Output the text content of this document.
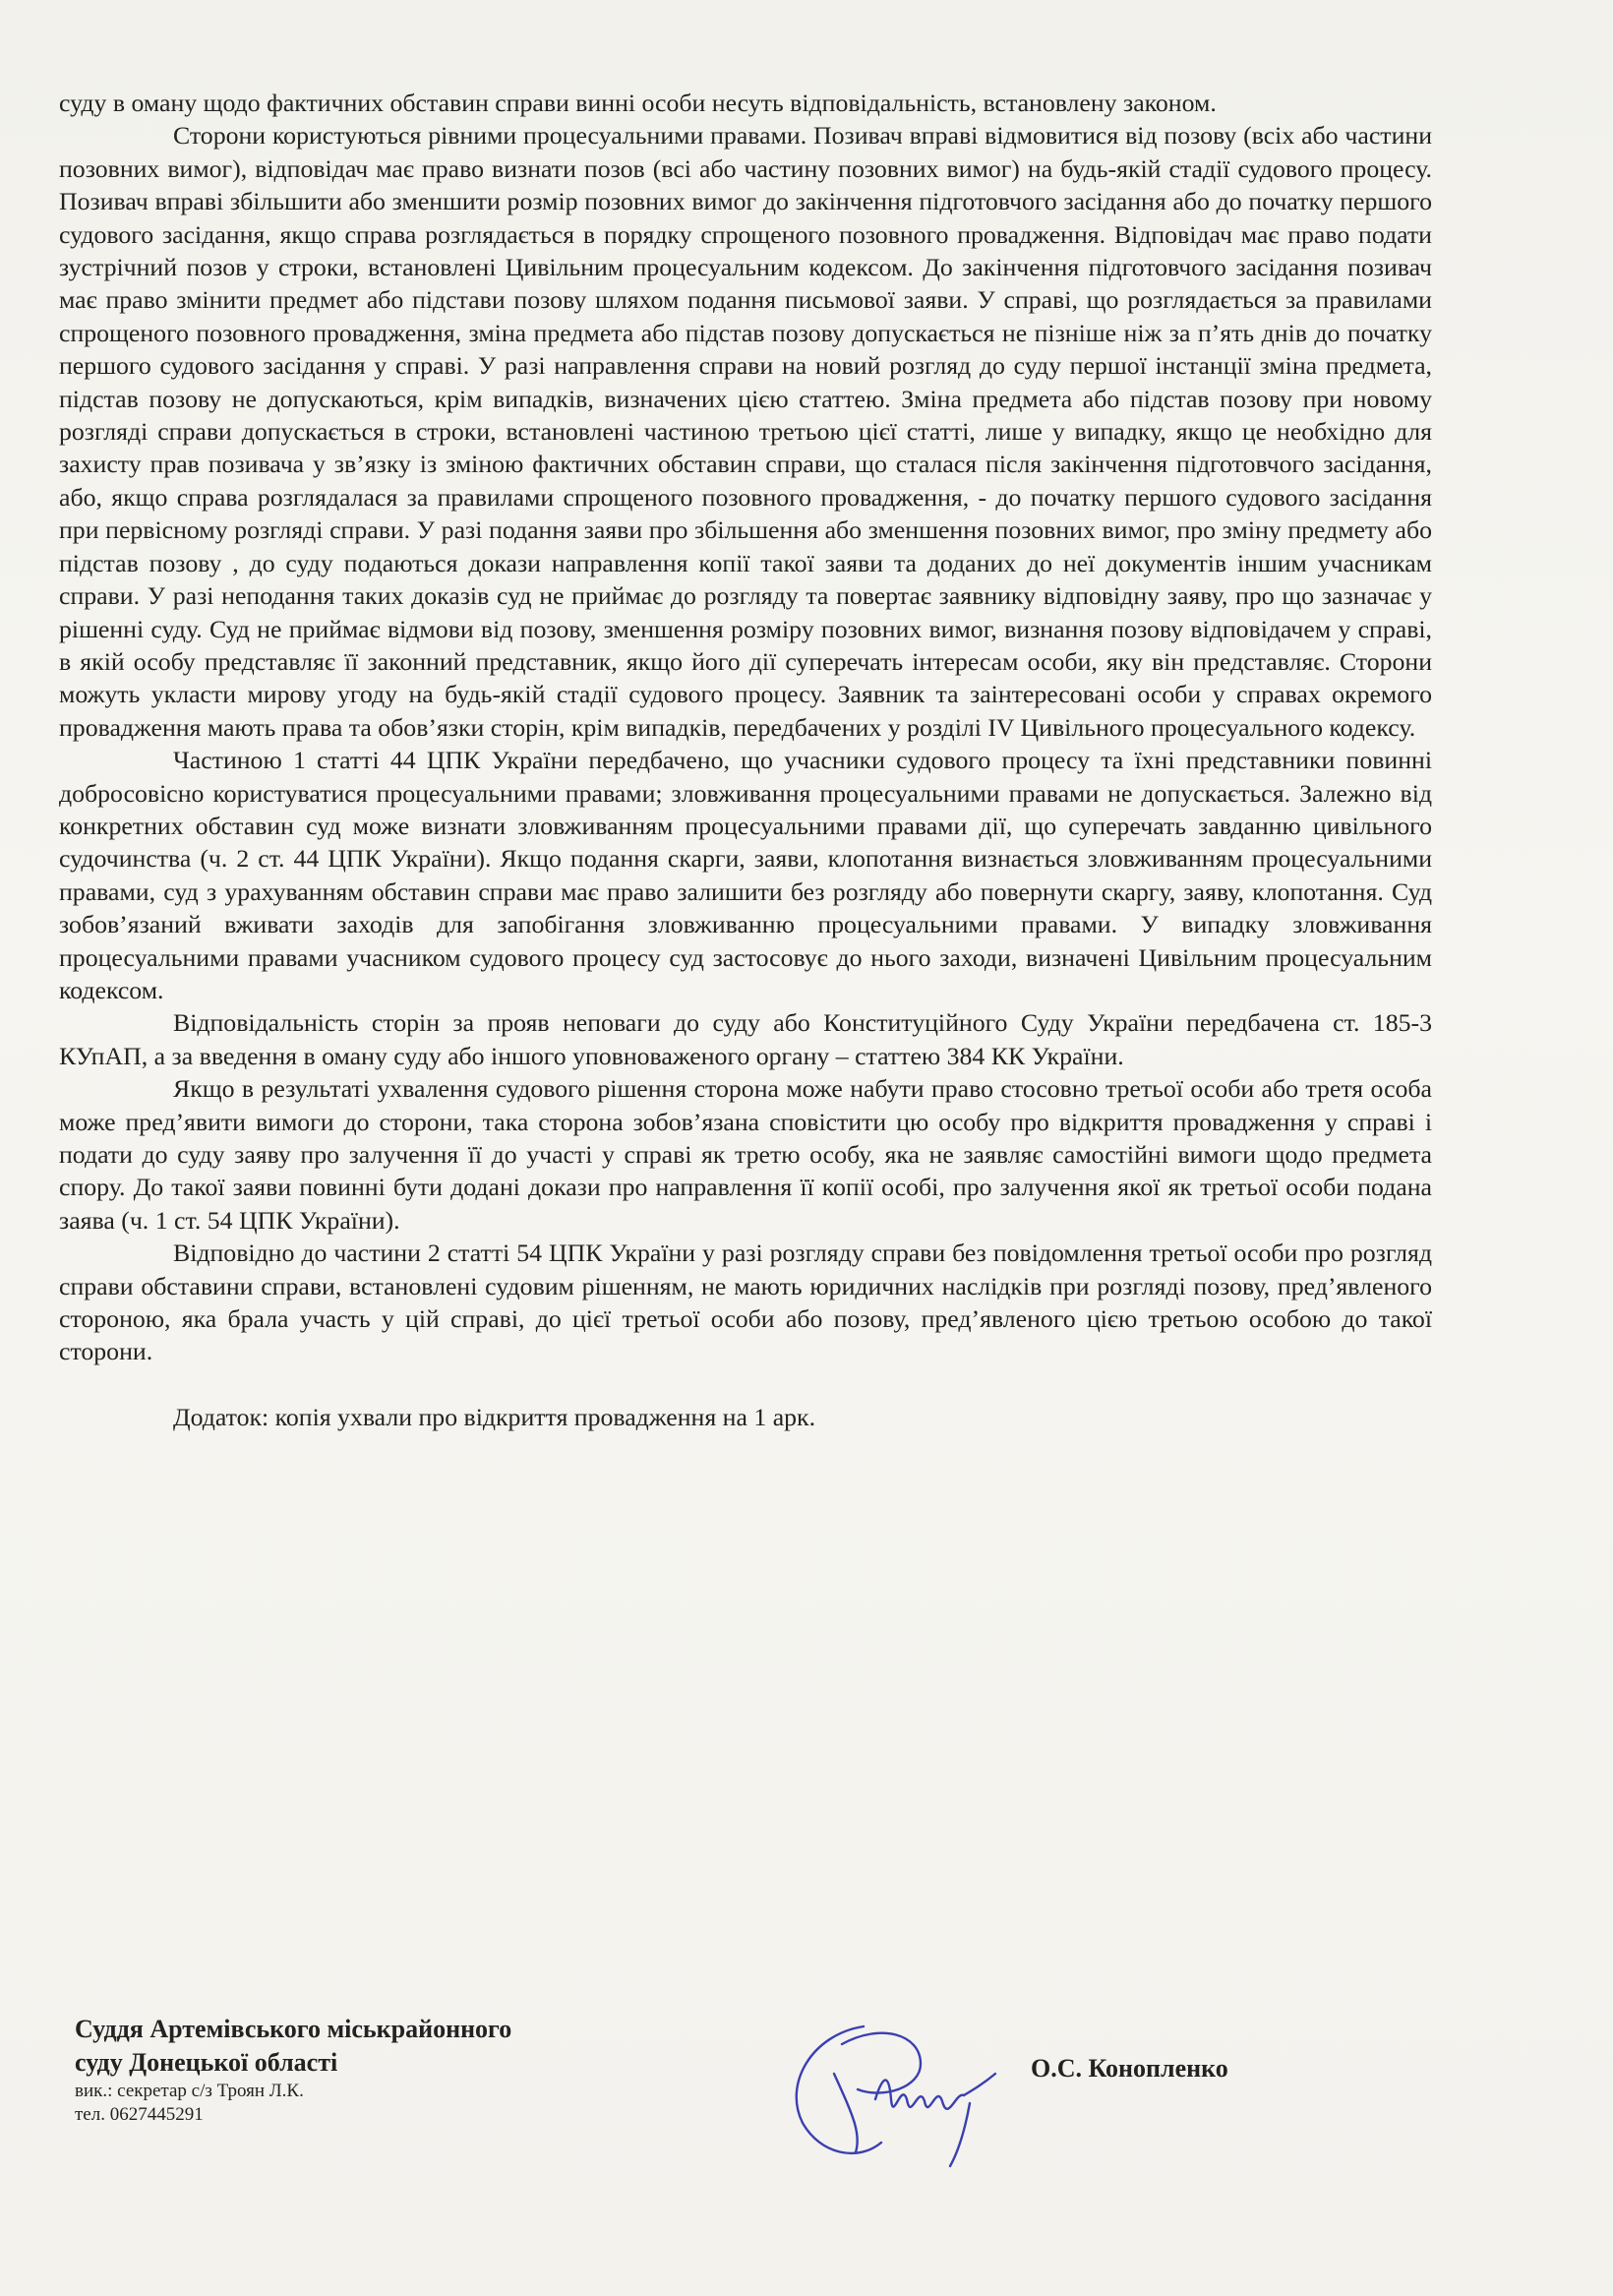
суду в оману щодо фактичних обставин справи винні особи несуть відповідальність, встановлену законом.

Сторони користуються рівними процесуальними правами. Позивач вправі відмовитися від позову (всіх або частини позовних вимог), відповідач має право визнати позов (всі або частину позовних вимог) на будь-якій стадії судового процесу. Позивач вправі збільшити або зменшити розмір позовних вимог до закінчення підготовчого засідання або до початку першого судового засідання, якщо справа розглядається в порядку спрощеного позовного провадження. Відповідач має право подати зустрічний позов у строки, встановлені Цивільним процесуальним кодексом. До закінчення підготовчого засідання позивач має право змінити предмет або підстави позову шляхом подання письмової заяви. У справі, що розглядається за правилами спрощеного позовного провадження, зміна предмета або підстав позову допускається не пізніше ніж за п’ять днів до початку першого судового засідання у справі. У разі направлення справи на новий розгляд до суду першої інстанції зміна предмета, підстав позову не допускаються, крім випадків, визначених цією статтею. Зміна предмета або підстав позову при новому розгляді справи допускається в строки, встановлені частиною третьою цієї статті, лише у випадку, якщо це необхідно для захисту прав позивача у зв’язку із зміною фактичних обставин справи, що сталася після закінчення підготовчого засідання, або, якщо справа розглядалася за правилами спрощеного позовного провадження, - до початку першого судового засідання при первісному розгляді справи. У разі подання заяви про збільшення або зменшення позовних вимог, про зміну предмету або підстав позову , до суду подаються докази направлення копії такої заяви та доданих до неї документів іншим учасникам справи. У разі неподання таких доказів суд не приймає до розгляду та повертає заявнику відповідну заяву, про що зазначає у рішенні суду. Суд не приймає відмови від позову, зменшення розміру позовних вимог, визнання позову відповідачем у справі, в якій особу представляє її законний представник, якщо його дії суперечать інтересам особи, яку він представляє. Сторони можуть укласти мирову угоду на будь-якій стадії судового процесу. Заявник та заінтересовані особи у справах окремого провадження мають права та обов’язки сторін, крім випадків, передбачених у розділі IV Цивільного процесуального кодексу.

Частиною 1 статті 44 ЦПК України передбачено, що учасники судового процесу та їхні представники повинні добросовісно користуватися процесуальними правами; зловживання процесуальними правами не допускається. Залежно від конкретних обставин суд може визнати зловживанням процесуальними правами дії, що суперечать завданню цивільного судочинства (ч. 2 ст. 44 ЦПК України). Якщо подання скарги, заяви, клопотання визнається зловживанням процесуальними правами, суд з урахуванням обставин справи має право залишити без розгляду або повернути скаргу, заяву, клопотання. Суд зобов’язаний вживати заходів для запобігання зловживанню процесуальними правами. У випадку зловживання процесуальними правами учасником судового процесу суд застосовує до нього заходи, визначені Цивільним процесуальним кодексом.

Відповідальність сторін за прояв неповаги до суду або Конституційного Суду України передбачена ст. 185-3 КУпАП, а за введення в оману суду або іншого уповноваженого органу – статтею 384 КК України.

Якщо в результаті ухвалення судового рішення сторона може набути право стосовно третьої особи або третя особа може пред’явити вимоги до сторони, така сторона зобов’язана сповістити цю особу про відкриття провадження у справі і подати до суду заяву про залучення її до участі у справі як третю особу, яка не заявляє самостійні вимоги щодо предмета спору. До такої заяви повинні бути додані докази про направлення її копії особі, про залучення якої як третьої особи подана заява (ч. 1 ст. 54 ЦПК України).

Відповідно до частини 2 статті 54 ЦПК України у разі розгляду справи без повідомлення третьої особи про розгляд справи обставини справи, встановлені судовим рішенням, не мають юридичних наслідків при розгляді позову, пред’явленого стороною, яка брала участь у цій справі, до цієї третьої особи або позову, пред’явленого цією третьою особою до такої сторони.

Додаток: копія ухвали про відкриття провадження на 1 арк.

Суддя Артемівського міськрайонного
суду Донецької області
вик.: секретар с/з Троян Л.К.
тел. 0627445291
О.С. Конопленко
